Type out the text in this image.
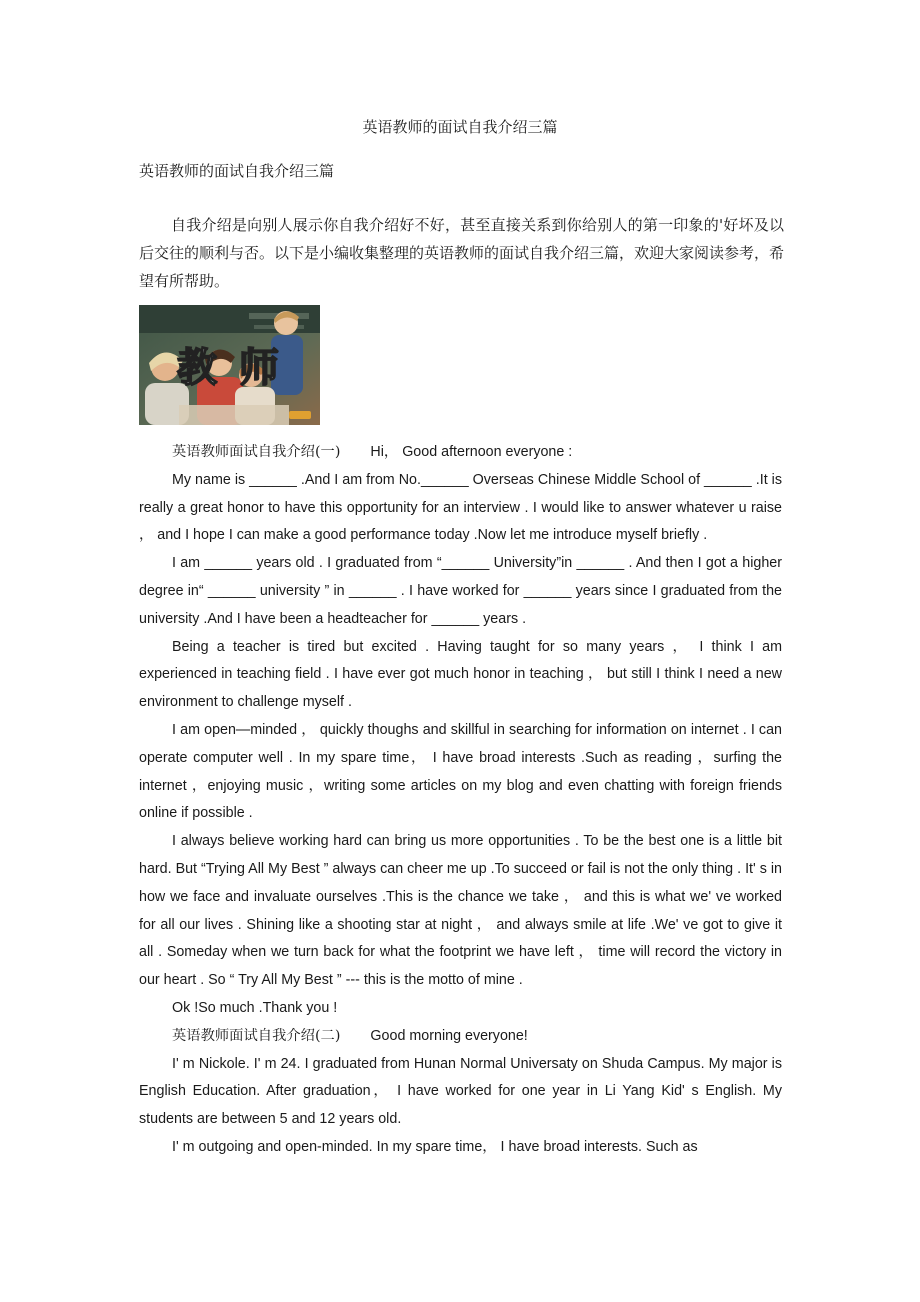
英语教师的面试自我介绍三篇
英语教师的面试自我介绍三篇
自我介绍是向别人展示你自我介绍好不好，甚至直接关系到你给别人的第一印象的'好坏及以后交往的顺利与否。以下是小编收集整理的英语教师的面试自我介绍三篇，欢迎大家阅读参考，希望有所帮助。
教 师

英语教师面试自我介绍(一) Hi， Good afternoon everyone :

My name is ______ .And I am from No.______ Overseas Chinese Middle School of ______ .It is really a great honor to have this opportunity for an interview . I would like to answer whatever u raise ， and I hope I can make a good performance today .Now let me introduce myself briefly .

I am ______ years old . I graduated from “______ University”in ______ . And then I got a higher degree in“ ______ university ” in ______ . I have worked for ______ years since I graduated from the university .And I have been a headteacher for ______ years .

Being a teacher is tired but excited . Having taught for so many years ， I think I am experienced in teaching field . I have ever got much honor in teaching ， but still I think I need a new environment to challenge myself .

I am open—minded ， quickly thoughs and skillful in searching for information on internet . I can operate computer well . In my spare time， I have broad interests .Such as reading ，surfing the internet ，enjoying music ，writing some articles on my blog and even chatting with foreign friends online if possible .

I always believe working hard can bring us more opportunities . To be the best one is a little bit hard. But “Trying All My Best ” always can cheer me up .To succeed or fail is not the only thing . It' s in how we face and invaluate ourselves .This is the chance we take ， and this is what we' ve worked for all our lives . Shining like a shooting star at night ， and always smile at life .We' ve got to give it all . Someday when we turn back for what the footprint we have left ， time will record the victory in our heart . So “ Try All My Best ” --- this is the motto of mine .

Ok !So much .Thank you !

英语教师面试自我介绍(二) Good morning everyone!

I' m Nickole. I' m 24. I graduated from Hunan Normal Universaty on Shuda Campus. My major is English Education. After graduation， I have worked for one year in Li Yang Kid' s English. My students are between 5 and 12 years old.

I' m outgoing and open-minded. In my spare time， I have broad interests. Such as
